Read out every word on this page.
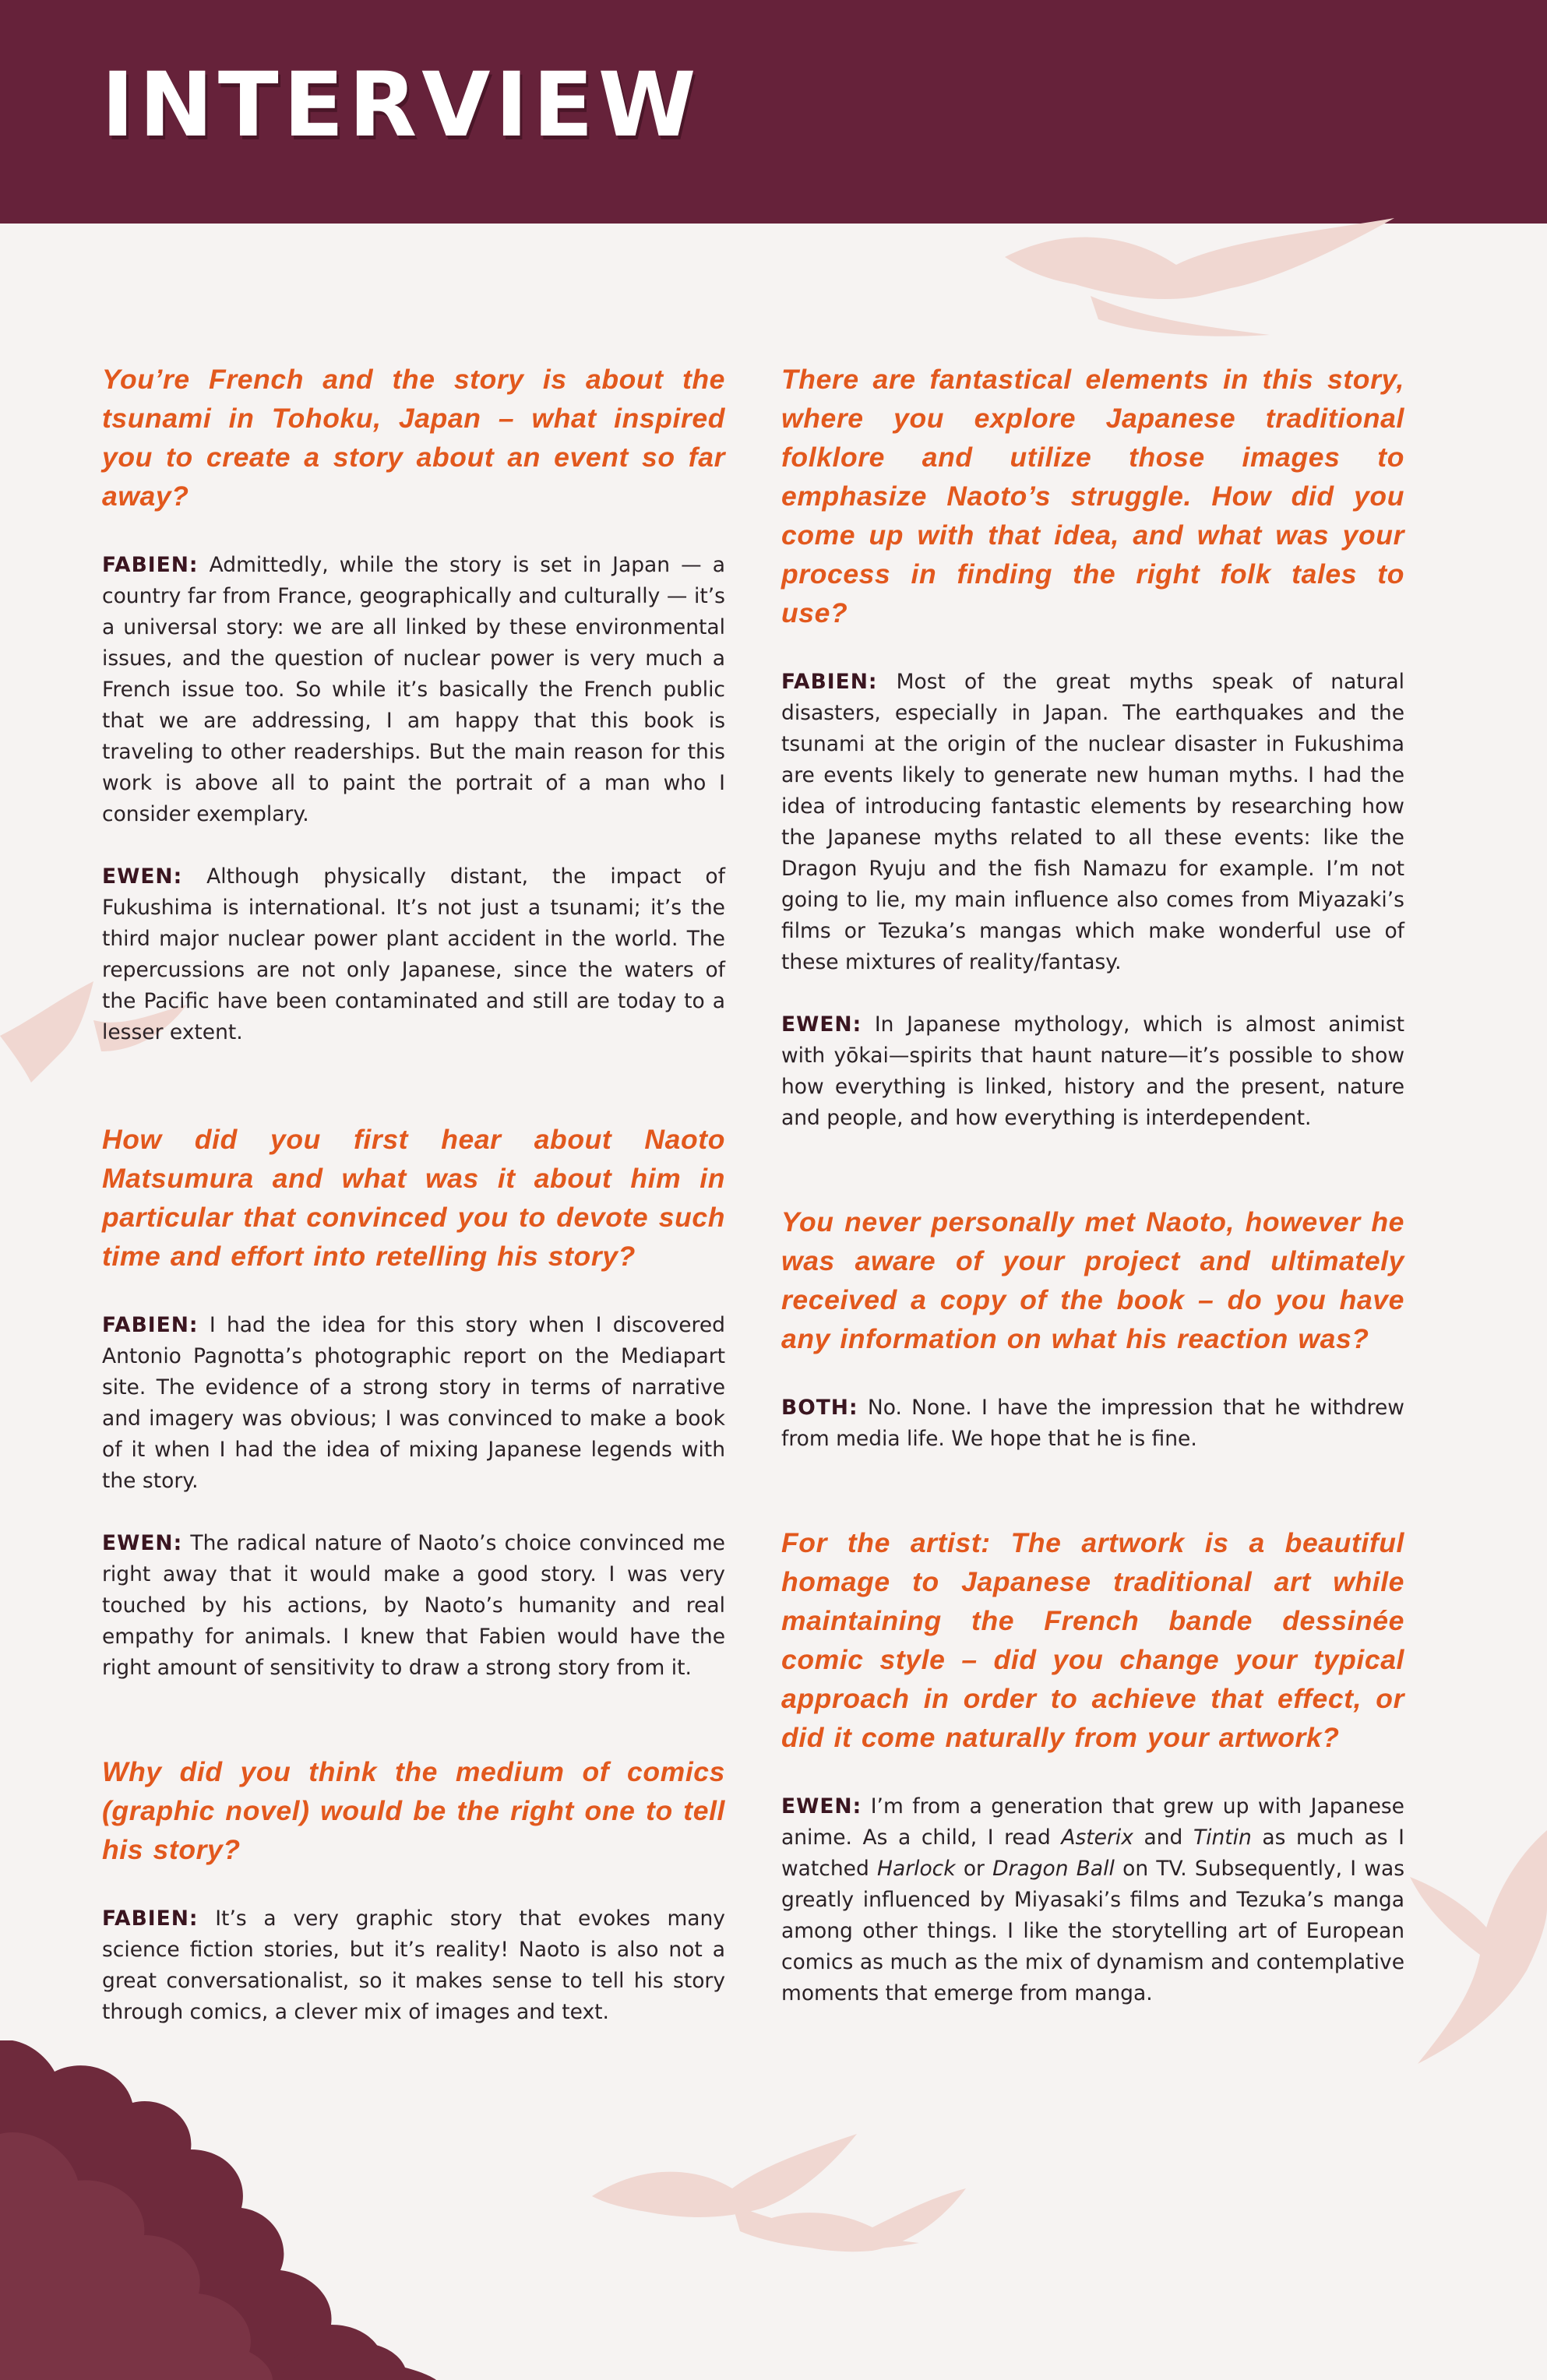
INTERVIEW

You’re French and the story is about the tsunami in Tohoku, Japan – what inspired you to create a story about an event so far away?

FABIEN: Admittedly, while the story is set in Japan — a country far from France, geographically and culturally — it’s a universal story: we are all linked by these environmental issues, and the question of nuclear power is very much a French issue too. So while it’s basically the French public that we are addressing, I am happy that this book is traveling to other readerships. But the main reason for this work is above all to paint the portrait of a man who I consider exemplary.

EWEN: Although physically distant, the impact of Fukushima is international. It’s not just a tsunami; it’s the third major nuclear power plant accident in the world. The repercussions are not only Japanese, since the waters of the Pacific have been contaminated and still are today to a lesser extent.

How did you first hear about Naoto Matsumura and what was it about him in particular that convinced you to devote such time and effort into retelling his story?

FABIEN: I had the idea for this story when I discovered Antonio Pagnotta’s photographic report on the Mediapart site. The evidence of a strong story in terms of narrative and imagery was obvious; I was convinced to make a book of it when I had the idea of mixing Japanese legends with the story.

EWEN: The radical nature of Naoto’s choice convinced me right away that it would make a good story. I was very touched by his actions, by Naoto’s humanity and real empathy for animals. I knew that Fabien would have the right amount of sensitivity to draw a strong story from it.

Why did you think the medium of comics (graphic novel) would be the right one to tell his story?

FABIEN: It’s a very graphic story that evokes many science fiction stories, but it’s reality! Naoto is also not a great conversationalist, so it makes sense to tell his story through comics, a clever mix of images and text.

There are fantastical elements in this story, where you explore Japanese traditional folklore and utilize those images to emphasize Naoto’s struggle. How did you come up with that idea, and what was your process in finding the right folk tales to use?

FABIEN: Most of the great myths speak of natural disasters, especially in Japan. The earthquakes and the tsunami at the origin of the nuclear disaster in Fukushima are events likely to generate new human myths. I had the idea of introducing fantastic elements by researching how the Japanese myths related to all these events: like the Dragon Ryuju and the fish Namazu for example. I’m not going to lie, my main influence also comes from Miyazaki’s films or Tezuka’s mangas which make wonderful use of these mixtures of reality/fantasy.

EWEN: In Japanese mythology, which is almost animist with yōkai—spirits that haunt nature—it’s possible to show how everything is linked, history and the present, nature and people, and how everything is interdependent.

You never personally met Naoto, however he was aware of your project and ultimately received a copy of the book – do you have any information on what his reaction was?

BOTH: No. None. I have the impression that he withdrew from media life. We hope that he is fine.

For the artist: The artwork is a beautiful homage to Japanese traditional art while maintaining the French bande dessinée comic style – did you change your typical approach in order to achieve that effect, or did it come naturally from your artwork?

EWEN: I’m from a generation that grew up with Japanese anime. As a child, I read Asterix and Tintin as much as I watched Harlock or Dragon Ball on TV. Subsequently, I was greatly influenced by Miyasaki’s films and Tezuka’s manga among other things. I like the storytelling art of European comics as much as the mix of dynamism and contemplative moments that emerge from manga.
